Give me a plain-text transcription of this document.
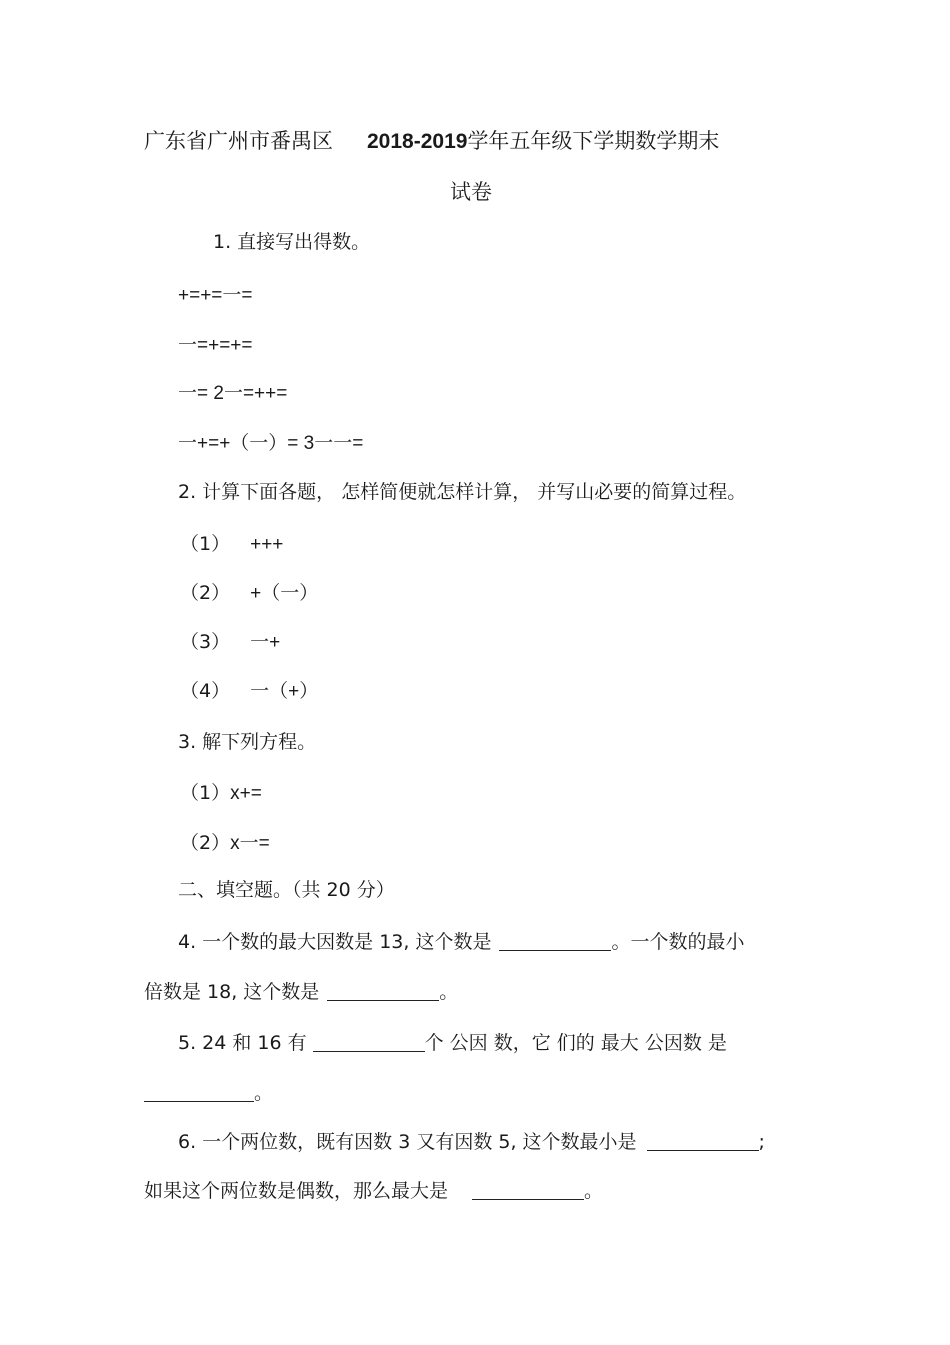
广东省广州市番禺区 2018-2019学年五年级下学期数学期末
试卷
1. 直接写出得数。
+=+=一=
一=+=+=
一= 2一=++=
一+=+（一）= 3一一=
2. 计算下面各题， 怎样简便就怎样计算， 并写山必要的简算过程。
（1） +++
（2） +（一）
（3） 一+
（4） 一（+）
3. 解下列方程。
（1）x+=
（2）x一=
二、填空题。（共 20 分）
4. 一个数的最大因数是 13, 这个数是	。一个数的最小
倍数是 18, 这个数是	。
5. 24 和 16 有	个 公因 数，它 们的 最大 公因数 是
。
6. 一个两位数，既有因数 3 又有因数 5, 这个数最小是	;
如果这个两位数是偶数，那么最大是	。
